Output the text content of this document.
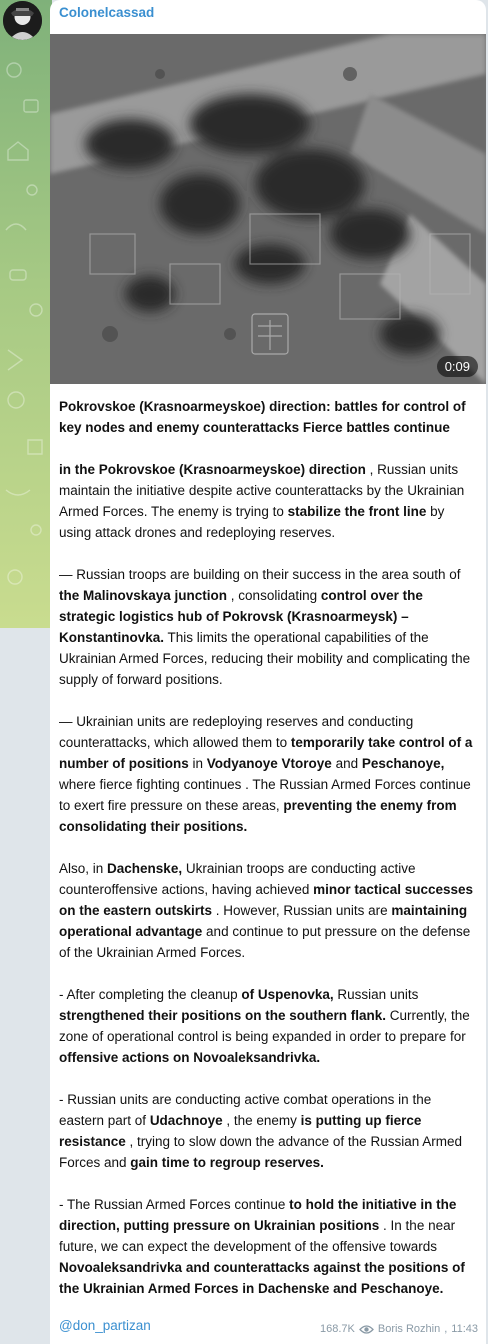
Colonelcassad
0:09

Pokrovskoe (Krasnoarmeyskoe) direction: battles for control of key nodes and enemy counterattacks Fierce battles continue

in the Pokrovskoe (Krasnoarmeyskoe) direction , Russian units maintain the initiative despite active counterattacks by the Ukrainian Armed Forces. The enemy is trying to stabilize the front line by using attack drones and redeploying reserves.

— Russian troops are building on their success in the area south of the Malinovskaya junction , consolidating control over the strategic logistics hub of Pokrovsk (Krasnoarmeysk) – Konstantinovka. This limits the operational capabilities of the Ukrainian Armed Forces, reducing their mobility and complicating the supply of forward positions.

— Ukrainian units are redeploying reserves and conducting counterattacks, which allowed them to temporarily take control of a number of positions in Vodyanoye Vtoroye and Peschanoye, where fierce fighting continues . The Russian Armed Forces continue to exert fire pressure on these areas, preventing the enemy from consolidating their positions.

Also, in Dachenske, Ukrainian troops are conducting active counteroffensive actions, having achieved minor tactical successes on the eastern outskirts . However, Russian units are maintaining operational advantage and continue to put pressure on the defense of the Ukrainian Armed Forces.

- After completing the cleanup of Uspenovka, Russian units strengthened their positions on the southern flank. Currently, the zone of operational control is being expanded in order to prepare for offensive actions on Novoaleksandrivka.

- Russian units are conducting active combat operations in the eastern part of Udachnoye , the enemy is putting up fierce resistance , trying to slow down the advance of the Russian Armed Forces and gain time to regroup reserves.

- The Russian Armed Forces continue to hold the initiative in the direction, putting pressure on Ukrainian positions . In the near future, we can expect the development of the offensive towards Novoaleksandrivka and counterattacks against the positions of the Ukrainian Armed Forces in Dachenske and Peschanoye.

@don_partizan	168.7K Boris Rozhin , 11:43
